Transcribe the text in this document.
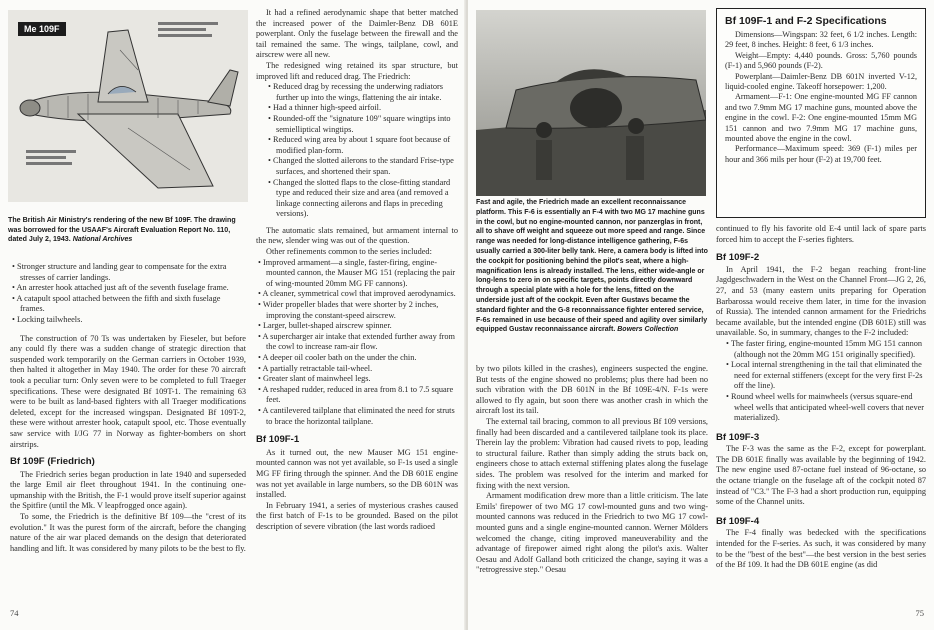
Me 109F

The British Air Ministry's rendering of the new Bf 109F. The drawing was borrowed for the USAAF's Aircraft Evaluation Report No. 110, dated July 2, 1943. National Archives

• Stronger structure and landing gear to compensate for the extra stresses of carrier landings.
• An arrester hook attached just aft of the seventh fuselage frame.
• A catapult spool attached between the fifth and sixth fuselage frames.
• Locking tailwheels.

The construction of 70 Ts was undertaken by Fieseler, but before any could fly there was a sudden change of strategic direction that suspended work temporarily on the German carriers in October 1939, then halted it altogether in May 1940. The order for these 70 aircraft took a peculiar turn: Only seven were to be completed to full Traeger specifications. These were designated Bf 109T-1. The remaining 63 were to be built as land-based fighters with all Traeger modifications deleted, except for the increased wingspan. Designated Bf 109T-2, these were without arrester hook, catapult spool, etc. Those eventually saw service with I/JG 77 in Norway as fighter-bombers on short airstrips.

Bf 109F (Friedrich)

The Friedrich series began production in late 1940 and superseded the large Emil air fleet throughout 1941. In the continuing one-upmanship with the British, the F-1 would prove itself superior against the Spitfire (until the Mk. V leapfrogged once again).

To some, the Friedrich is the definitive Bf 109—the "crest of its evolution." It was the purest form of the aircraft, before the changing nature of the air war placed demands on the design that deteriorated handling and lift. It was considered by many pilots to be the best to fly.

It had a refined aerodynamic shape that better matched the increased power of the Daimler-Benz DB 601E powerplant. Only the fuselage between the firewall and the tail remained the same. The wings, tailplane, cowl, and airscrew were all new.

The redesigned wing retained its spar structure, but improved lift and reduced drag. The Friedrich:

• Reduced drag by recessing the underwing radiators further up into the wings, flattening the air intake.
• Had a thinner high-speed airfoil.
• Rounded-off the "signature 109" square wingtips into semielliptical wingtips.
• Reduced wing area by about 1 square foot because of modified plan-form.
• Changed the slotted ailerons to the standard Frise-type surfaces, and shortened their span.
• Changed the slotted flaps to the close-fitting standard type and reduced their size and area (and removed a linkage connecting ailerons and flaps in preceding versions).

The automatic slats remained, but armament internal to the new, slender wing was out of the question.

Other refinements common to the series included:

• Improved armament—a single, faster-firing, engine-mounted cannon, the Mauser MG 151 (replacing the pair of wing-mounted 20mm MG FF cannons).
• A cleaner, symmetrical cowl that improved aerodynamics.
• Wider propeller blades that were shorter by 2 inches, improving the constant-speed airscrew.
• Larger, bullet-shaped airscrew spinner.
• A supercharger air intake that extended further away from the cowl to increase ram-air flow.
• A deeper oil cooler bath on the under the chin.
• A partially retractable tail-wheel.
• Greater slant of mainwheel legs.
• A reshaped rudder, reduced in area from 8.1 to 7.5 square feet.
• A cantilevered tailplane that eliminated the need for struts to brace the horizontal tailplane.
Bf 109F-1

As it turned out, the new Mauser MG 151 engine-mounted cannon was not yet available, so F-1s used a single MG FF firing through the spinner. And the DB 601E engine was not yet available in large numbers, so the DB 601N was installed.

In February 1941, a series of mysterious crashes caused the first batch of F-1s to be grounded. Based on the pilot description of severe vibration (the last words radioed

74

Fast and agile, the Friedrich made an excellent reconnaissance platform. This F-6 is essentially an F-4 with two MG 17 machine guns in the cowl, but no engine-mounted cannon, nor panzerglas in front, all to shave off weight and squeeze out more speed and range. Since range was needed for long-distance intelligence gathering, F-6s usually carried a 300-liter belly tank. Here, a camera body is lifted into the cockpit for positioning behind the pilot's seat, where a high-magnification lens is already installed. The lens, either wide-angle or long-lens to zero in on specific targets, points directly downward through a special plate with a hole for the lens, fitted on the underside just aft of the cockpit. Even after Gustavs became the standard fighter and the G-8 reconnaissance fighter entered service, F-6s remained in use because of their speed and agility over similarly equipped Gustav reconnaissance aircraft. Bowers Collection

by two pilots killed in the crashes), engineers suspected the engine. But tests of the engine showed no problems; plus there had been no such vibration with the DB 601N in the Bf 109E-4/N. F-1s were allowed to fly again, but soon there was another crash in which the aircraft lost its tail.

The external tail bracing, common to all previous Bf 109 versions, finally had been discarded and a cantilevered tailplane took its place. Therein lay the problem: Vibration had caused rivets to pop, leading to structural failure. Rather than simply adding the struts back on, engineers chose to attach external stiffening plates along the fuselage sides. The problem was resolved for the interim and marked for fixing with the next version.

Armament modification drew more than a little criticism. The late Emils' firepower of two MG 17 cowl-mounted guns and two wing-mounted cannons was reduced in the Friedrich to two MG 17 cowl-mounted guns and a single engine-mounted cannon. Werner Mölders welcomed the change, citing improved maneuverability and the advantage of firepower aimed right along the pilot's axis. Walter Oesau and Adolf Galland both criticized the change, saying it was a "retrogressive step." Oesau

Bf 109F-1 and F-2 Specifications

Dimensions—Wingspan: 32 feet, 6 1/2 inches. Length: 29 feet, 8 inches. Height: 8 feet, 6 1/3 inches.

Weight—Empty: 4,440 pounds. Gross: 5,760 pounds (F-1) and 5,960 pounds (F-2).

Powerplant—Daimler-Benz DB 601N inverted V-12, liquid-cooled engine. Takeoff horsepower: 1,200.

Armament—F-1: One engine-mounted MG FF cannon and two 7.9mm MG 17 machine guns, mounted above the engine in the cowl. F-2: One engine-mounted 15mm MG 151 cannon and two 7.9mm MG 17 machine guns, mounted above the engine in the cowl.

Performance—Maximum speed: 369 (F-1) miles per hour and 366 mils per hour (F-2) at 19,700 feet.

continued to fly his favorite old E-4 until lack of spare parts forced him to accept the F-series fighters.

Bf 109F-2

In April 1941, the F-2 began reaching front-line Jagdgeschwadern in the West on the Channel Front—JG 2, 26, 27, and 53 (many eastern units preparing for Operation Barbarossa would receive them later, in time for the invasion of Russia). The intended cannon armament for the Friedrichs became available, but the intended engine (DB 601E) still was unavailable. So, in summary, changes to the F-2 included:

• The faster firing, engine-mounted 15mm MG 151 cannon (although not the 20mm MG 151 originally specified).
• Local internal strengthening in the tail that eliminated the need for external stiffeners (except for the very first F-2s off the line).
• Round wheel wells for mainwheels (versus square-end wheel wells that anticipated wheel-well covers that never materialized).
Bf 109F-3

The F-3 was the same as the F-2, except for powerplant. The DB 601E finally was available by the beginning of 1942. The new engine used 87-octane fuel instead of 96-octane, so the octane triangle on the fuselage aft of the cockpit noted 87 instead of "C3." The F-3 had a short production run, equipping some of the Channel units.

Bf 109F-4

The F-4 finally was bedecked with the specifications intended for the F-series. As such, it was considered by many to be the "best of the best"—the best version in the best series of the Bf 109. It had the DB 601E engine (as did

75
